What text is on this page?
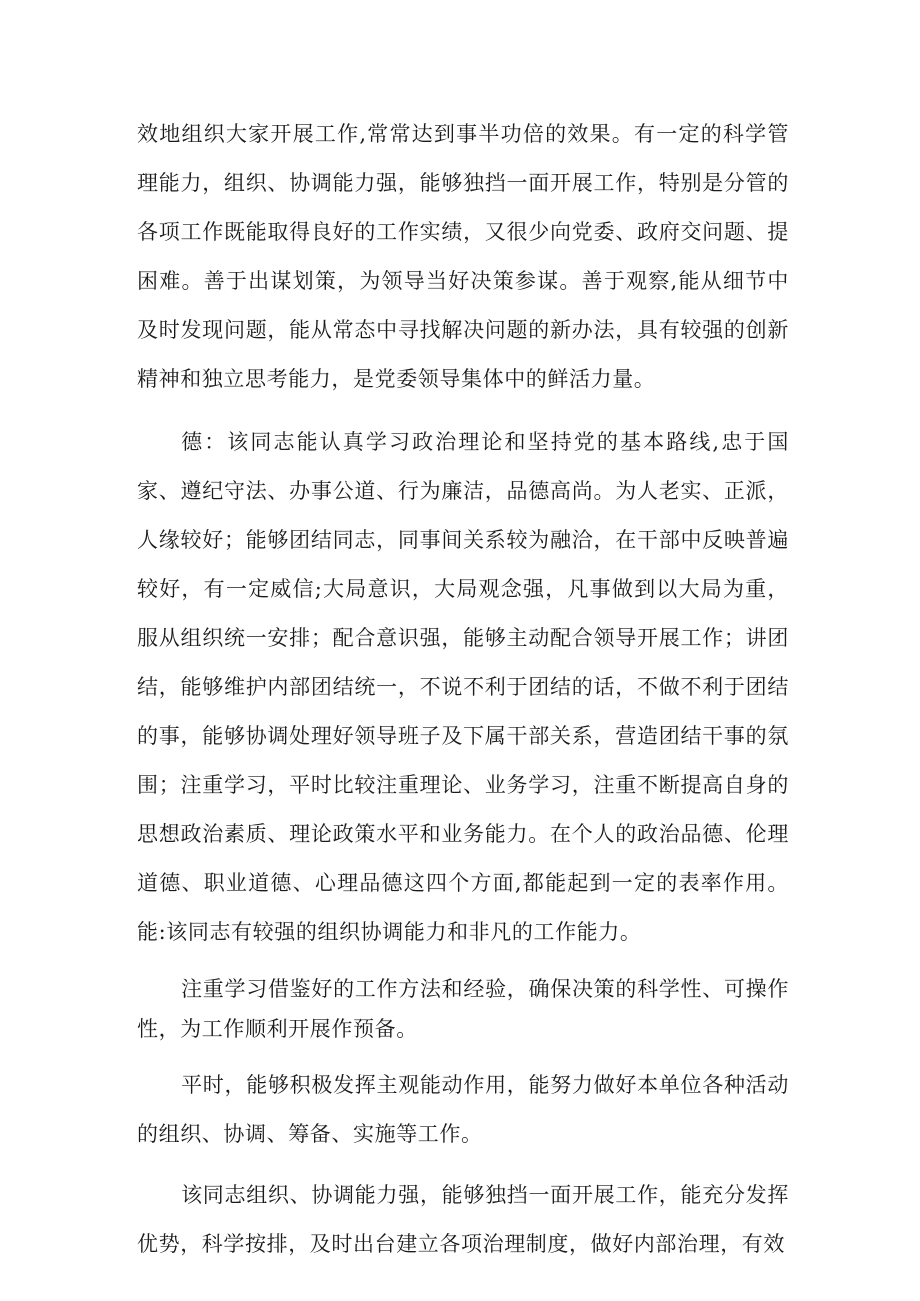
效地组织大家开展工作,常常达到事半功倍的效果。有一定的科学管理能力，组织、协调能力强，能够独挡一面开展工作，特别是分管的各项工作既能取得良好的工作实绩，又很少向党委、政府交问题、提困难。善于出谋划策，为领导当好决策参谋。善于观察,能从细节中及时发现问题，能从常态中寻找解决问题的新办法，具有较强的创新精神和独立思考能力，是党委领导集体中的鲜活力量。

德：该同志能认真学习政治理论和坚持党的基本路线,忠于国家、遵纪守法、办事公道、行为廉洁，品德高尚。为人老实、正派，人缘较好；能够团结同志，同事间关系较为融洽，在干部中反映普遍较好，有一定威信;大局意识，大局观念强，凡事做到以大局为重，服从组织统一安排；配合意识强，能够主动配合领导开展工作；讲团结，能够维护内部团结统一，不说不利于团结的话，不做不利于团结的事，能够协调处理好领导班子及下属干部关系，营造团结干事的氛围；注重学习，平时比较注重理论、业务学习，注重不断提高自身的思想政治素质、理论政策水平和业务能力。在个人的政治品德、伦理道德、职业道德、心理品德这四个方面,都能起到一定的表率作用。能:该同志有较强的组织协调能力和非凡的工作能力。

注重学习借鉴好的工作方法和经验，确保决策的科学性、可操作性，为工作顺利开展作预备。

平时，能够积极发挥主观能动作用，能努力做好本单位各种活动的组织、协调、筹备、实施等工作。

该同志组织、协调能力强，能够独挡一面开展工作，能充分发挥优势，科学按排，及时出台建立各项治理制度，做好内部治理，有效
